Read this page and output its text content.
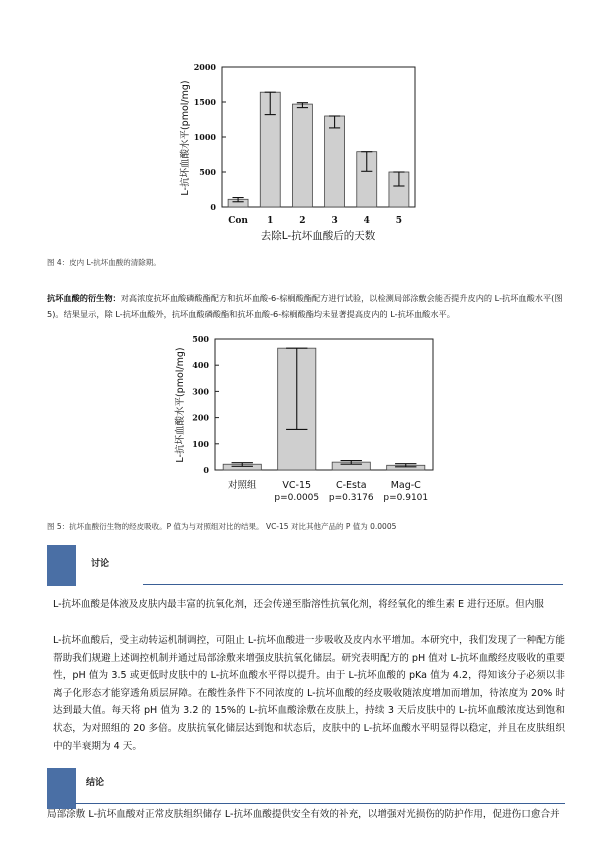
L-抗坏血酸水平(pmol/mg)
0
500
1000
1500
2000
Con 1	2	3	4	5
去除L-抗坏血酸后的天数
图 4：皮内 L-抗坏血酸的清除期。
抗坏血酸的衍生物：对高浓度抗坏血酸磷酸酯配方和抗坏血酸-6-棕榈酸酯配方进行试验，以检测局部涂敷会能否提升皮内的 L-抗坏血酸水平(图 5)。结果显示，除 L-抗坏血酸外，抗坏血酸磷酸酯和抗坏血酸-6-棕榈酸酯均未显著提高皮内的 L-抗坏血酸水平。
L-抗坏血酸水平(pmol/mg)
0
100
200
300
400
500
对照组	VC-15
p=0.0005
C-Esta
p=0.3176
Mag-C
p=0.9101
图 5：抗坏血酸衍生物的经皮吸收。P 值为与对照组对比的结果。 VC-15 对比其他产品的 P 值为 0.0005
讨论
L-抗坏血酸是体液及皮肤内最丰富的抗氧化剂，还会传递至脂溶性抗氧化剂，将经氧化的维生素 E 进行还原。但内服
L-抗坏血酸后，受主动转运机制调控，可阻止 L-抗坏血酸进一步吸收及皮内水平增加。本研究中，我们发现了一种配方能帮助我们规避上述调控机制并通过局部涂敷来增强皮肤抗氧化储层。研究表明配方的 pH 值对 L-抗坏血酸经皮吸收的重要性，pH 值为 3.5 或更低时皮肤中的 L-抗坏血酸水平得以提升。由于 L-抗坏血酸的 pKa 值为 4.2，得知该分子必须以非离子化形态才能穿透角质层屏障。在酸性条件下不同浓度的 L-抗坏血酸的经皮吸收随浓度增加而增加，待浓度为 20% 时达到最大值。每天将 pH 值为 3.2 的 15%的 L-抗坏血酸涂敷在皮肤上，持续 3 天后皮肤中的 L-抗坏血酸浓度达到饱和状态，为对照组的 20 多倍。皮肤抗氧化储层达到饱和状态后，皮肤中的 L-抗坏血酸水平明显得以稳定，并且在皮肤组织中的半衰期为 4 天。
结论
局部涂敷 L-抗坏血酸对正常皮肤组织储存 L-抗坏血酸提供安全有效的补充，以增强对光损伤的防护作用，促进伤口愈合并
